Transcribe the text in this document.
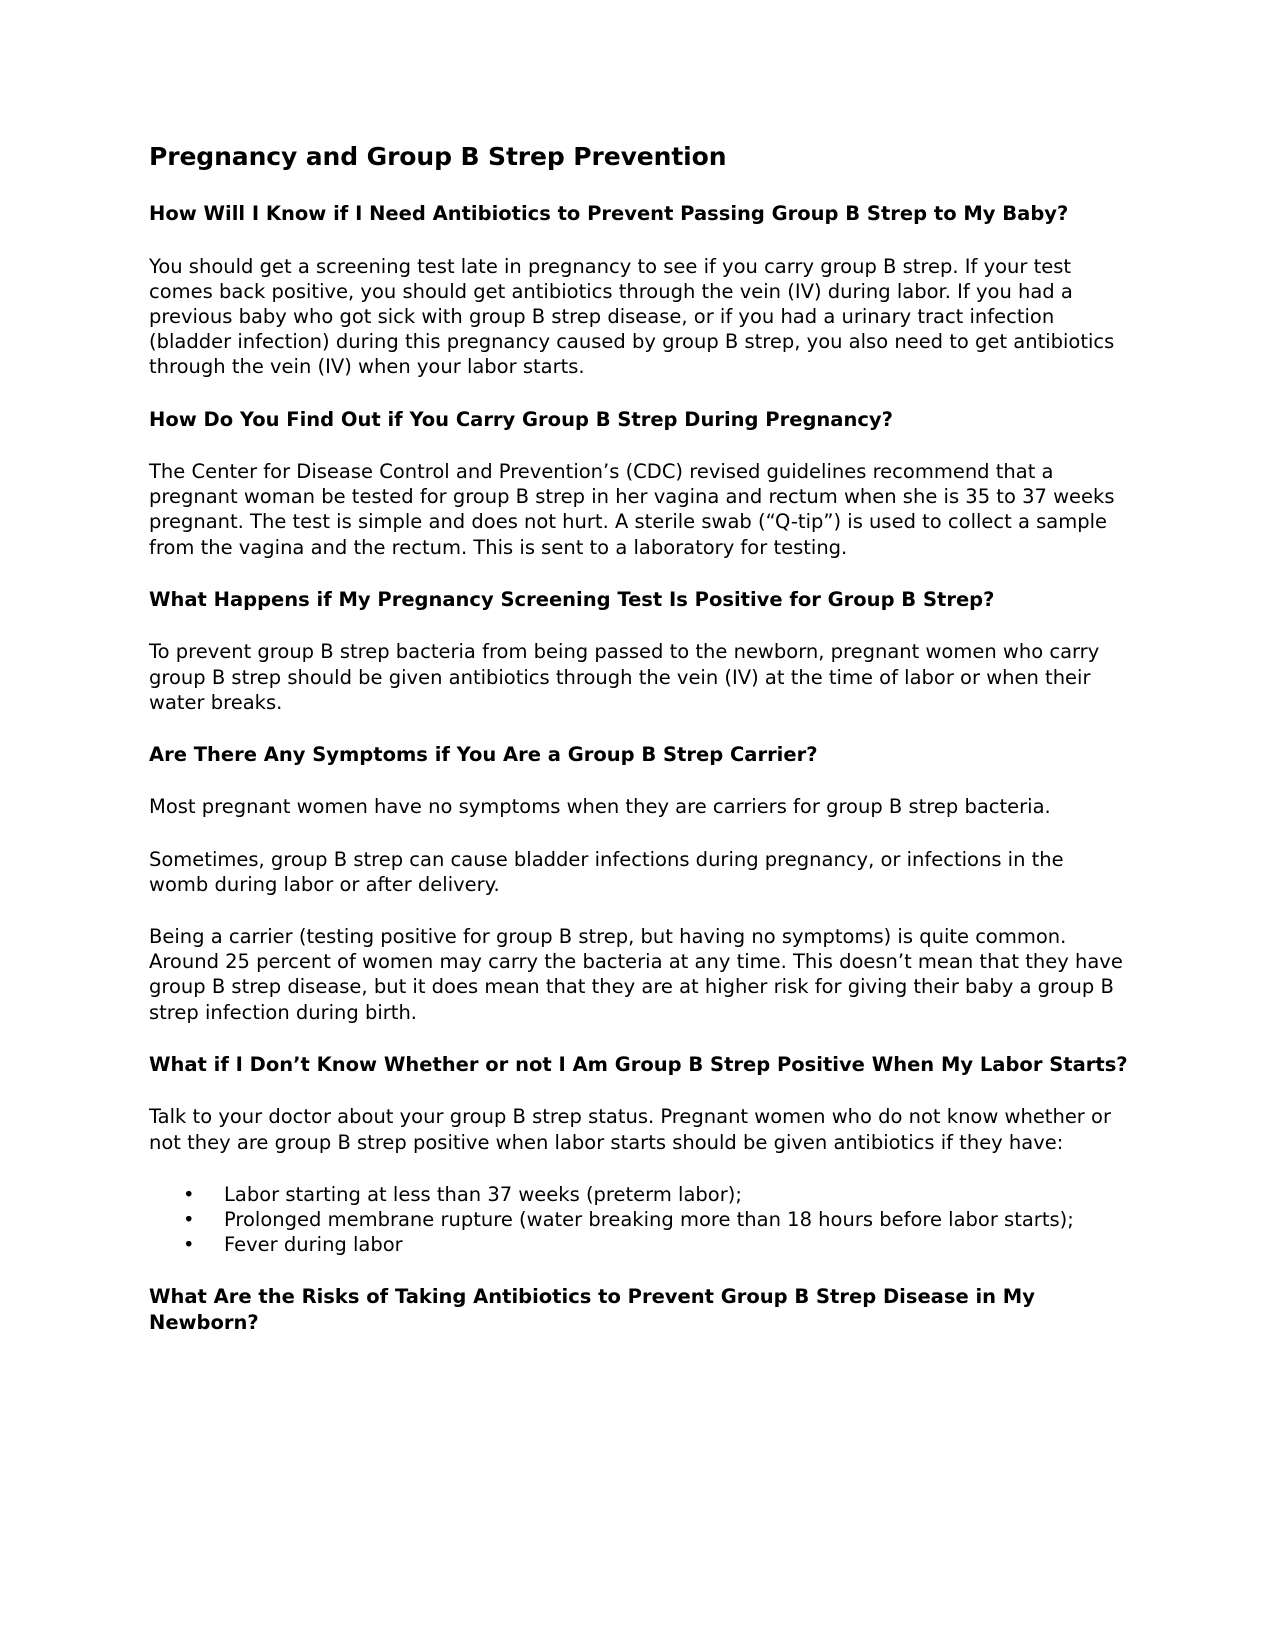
Pregnancy and Group B Strep Prevention
How Will I Know if I Need Antibiotics to Prevent Passing Group B Strep to My Baby?

You should get a screening test late in pregnancy to see if you carry group B strep. If your test comes back positive, you should get antibiotics through the vein (IV) during labor. If you had a previous baby who got sick with group B strep disease, or if you had a urinary tract infection (bladder infection) during this pregnancy caused by group B strep, you also need to get antibiotics through the vein (IV) when your labor starts.

How Do You Find Out if You Carry Group B Strep During Pregnancy?

The Center for Disease Control and Prevention’s (CDC) revised guidelines recommend that a pregnant woman be tested for group B strep in her vagina and rectum when she is 35 to 37 weeks pregnant. The test is simple and does not hurt. A sterile swab (“Q-tip”) is used to collect a sample from the vagina and the rectum. This is sent to a laboratory for testing.

What Happens if My Pregnancy Screening Test Is Positive for Group B Strep?

To prevent group B strep bacteria from being passed to the newborn, pregnant women who carry group B strep should be given antibiotics through the vein (IV) at the time of labor or when their water breaks.

Are There Any Symptoms if You Are a Group B Strep Carrier?

Most pregnant women have no symptoms when they are carriers for group B strep bacteria.

Sometimes, group B strep can cause bladder infections during pregnancy, or infections in the womb during labor or after delivery.

Being a carrier (testing positive for group B strep, but having no symptoms) is quite common. Around 25 percent of women may carry the bacteria at any time. This doesn’t mean that they have group B strep disease, but it does mean that they are at higher risk for giving their baby a group B strep infection during birth.

What if I Don’t Know Whether or not I Am Group B Strep Positive When My Labor Starts?

Talk to your doctor about your group B strep status. Pregnant women who do not know whether or not they are group B strep positive when labor starts should be given antibiotics if they have:

• Labor starting at less than 37 weeks (preterm labor);
• Prolonged membrane rupture (water breaking more than 18 hours before labor starts);
• Fever during labor
What Are the Risks of Taking Antibiotics to Prevent Group B Strep Disease in My Newborn?
